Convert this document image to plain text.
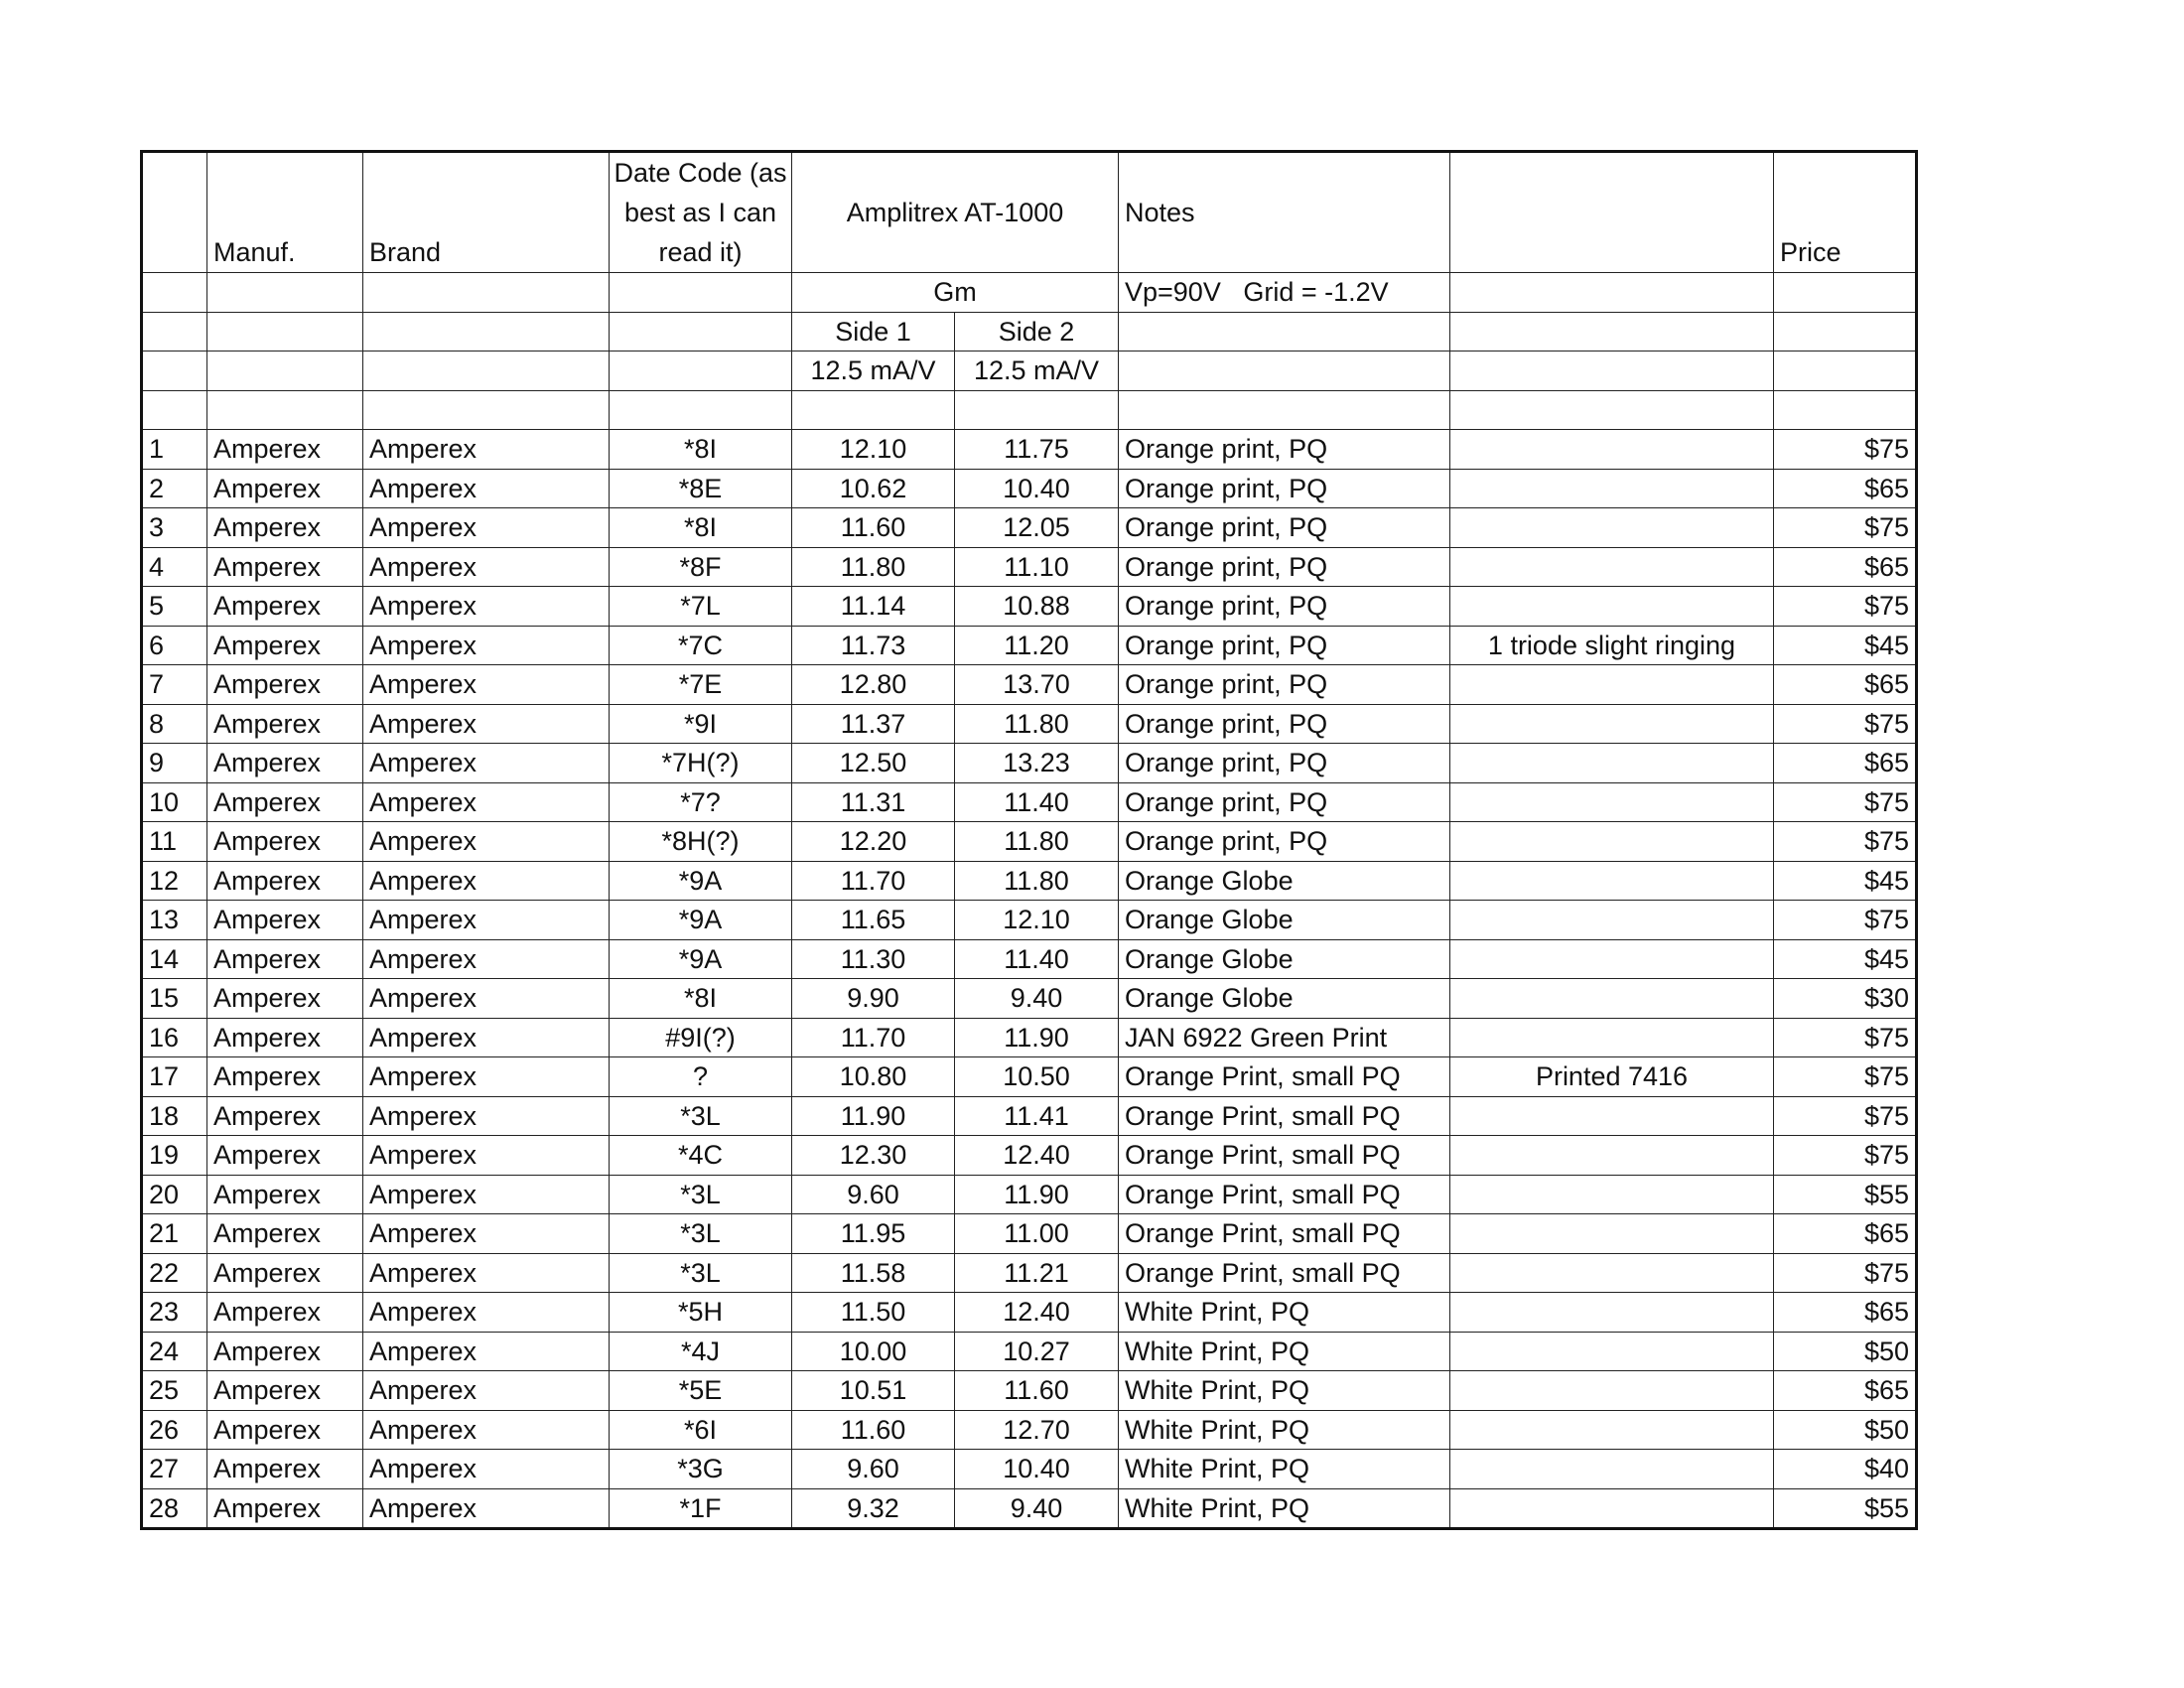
	Manuf.	Brand	Date Code (as best as I can read it)	Amplitrex AT-1000		Notes		Price
				Gm		Vp=90V   Grid = -1.2V		
				Side 1	Side 2			
				12.5 mA/V	12.5 mA/V			

1	Amperex	Amperex	*8I	12.10	11.75	Orange print, PQ		$75
2	Amperex	Amperex	*8E	10.62	10.40	Orange print, PQ		$65
3	Amperex	Amperex	*8I	11.60	12.05	Orange print, PQ		$75
4	Amperex	Amperex	*8F	11.80	11.10	Orange print, PQ		$65
5	Amperex	Amperex	*7L	11.14	10.88	Orange print, PQ		$75
6	Amperex	Amperex	*7C	11.73	11.20	Orange print, PQ	1 triode slight ringing	$45
7	Amperex	Amperex	*7E	12.80	13.70	Orange print, PQ		$65
8	Amperex	Amperex	*9I	11.37	11.80	Orange print, PQ		$75
9	Amperex	Amperex	*7H(?)	12.50	13.23	Orange print, PQ		$65
10	Amperex	Amperex	*7?	11.31	11.40	Orange print, PQ		$75
11	Amperex	Amperex	*8H(?)	12.20	11.80	Orange print, PQ		$75
12	Amperex	Amperex	*9A	11.70	11.80	Orange Globe		$45
13	Amperex	Amperex	*9A	11.65	12.10	Orange Globe		$75
14	Amperex	Amperex	*9A	11.30	11.40	Orange Globe		$45
15	Amperex	Amperex	*8I	9.90	9.40	Orange Globe		$30
16	Amperex	Amperex	#9I(?)	11.70	11.90	JAN 6922 Green Print		$75
17	Amperex	Amperex	?	10.80	10.50	Orange Print, small PQ	Printed 7416	$75
18	Amperex	Amperex	*3L	11.90	11.41	Orange Print, small PQ		$75
19	Amperex	Amperex	*4C	12.30	12.40	Orange Print, small PQ		$75
20	Amperex	Amperex	*3L	9.60	11.90	Orange Print, small PQ		$55
21	Amperex	Amperex	*3L	11.95	11.00	Orange Print, small PQ		$65
22	Amperex	Amperex	*3L	11.58	11.21	Orange Print, small PQ		$75
23	Amperex	Amperex	*5H	11.50	12.40	White Print, PQ		$65
24	Amperex	Amperex	*4J	10.00	10.27	White Print, PQ		$50
25	Amperex	Amperex	*5E	10.51	11.60	White Print, PQ		$65
26	Amperex	Amperex	*6I	11.60	12.70	White Print, PQ		$50
27	Amperex	Amperex	*3G	9.60	10.40	White Print, PQ		$40
28	Amperex	Amperex	*1F	9.32	9.40	White Print, PQ		$55
